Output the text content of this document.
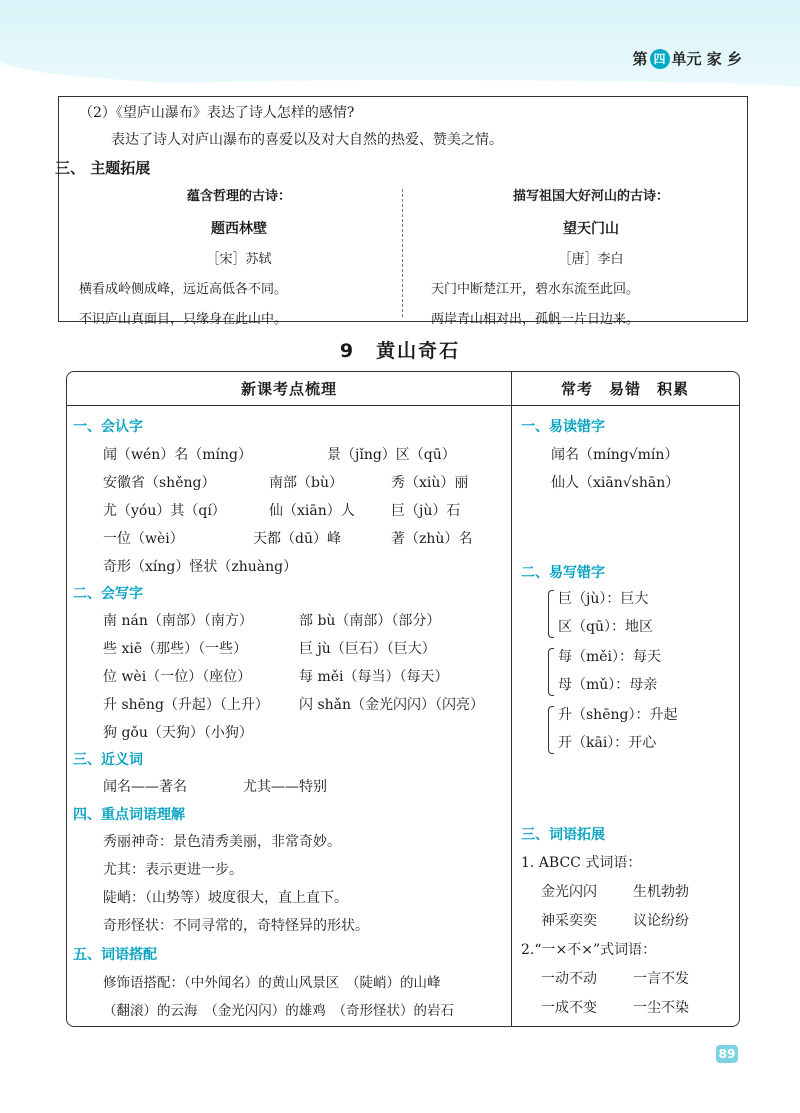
第 四 单元 家 乡
（2）《望庐山瀑布》表达了诗人怎样的感情?
表达了诗人对庐山瀑布的喜爱以及对大自然的热爱、赞美之情。
三、 主题拓展
蕴含哲理的古诗：
题西林壁
［宋］苏轼
横看成岭侧成峰，远近高低各不同。
不识庐山真面目，只缘身在此山中。
描写祖国大好河山的古诗：
望天门山
［唐］李白
天门中断楚江开，碧水东流至此回。
两岸青山相对出，孤帆一片日边来。
9　黄山奇石
新课考点梳理	常考　易错　积累
一、会认字
闻（wén）名（míng）	景（jǐng）区（qū）
安徽省（shěng）	南部（bù）	秀（xiù）丽
尤（yóu）其（qí）	仙（xiān）人	巨（jù）石
一位（wèi）	天都（dū）峰	著（zhù）名
奇形（xíng）怪状（zhuàng）
二、会写字
南 nán（南部）（南方）	部 bù（南部）（部分）
些 xiē（那些）（一些）	巨 jù（巨石）（巨大）
位 wèi（一位）（座位）	每 měi（每当）（每天）
升 shēng（升起）（上升） 闪 shǎn（金光闪闪）（闪亮）
狗 gǒu（天狗）（小狗）
三、近义词
闻名——著名	尤其——特别
四、重点词语理解
秀丽神奇：景色清秀美丽，非常奇妙。
尤其：表示更进一步。
陡峭：（山势等）坡度很大，直上直下。
奇形怪状：不同寻常的，奇特怪异的形状。
五、词语搭配
修饰语搭配：（中外闻名）的黄山风景区　（陡峭）的山峰
（翻滚）的云海　（金光闪闪）的雄鸡　（奇形怪状）的岩石
一、易读错字
闻名（míng√mín）
仙人（xiān√shān）
二、易写错字
巨（jù）：巨大
区（qū）：地区
每（měi）：每天
母（mǔ）：母亲
升（shēng）：升起
开（kāi）：开心
三、词语拓展
1. ABCC 式词语：
金光闪闪	生机勃勃
神采奕奕	议论纷纷
2.“一×不×”式词语：
一动不动	一言不发
一成不变	一尘不染
89
